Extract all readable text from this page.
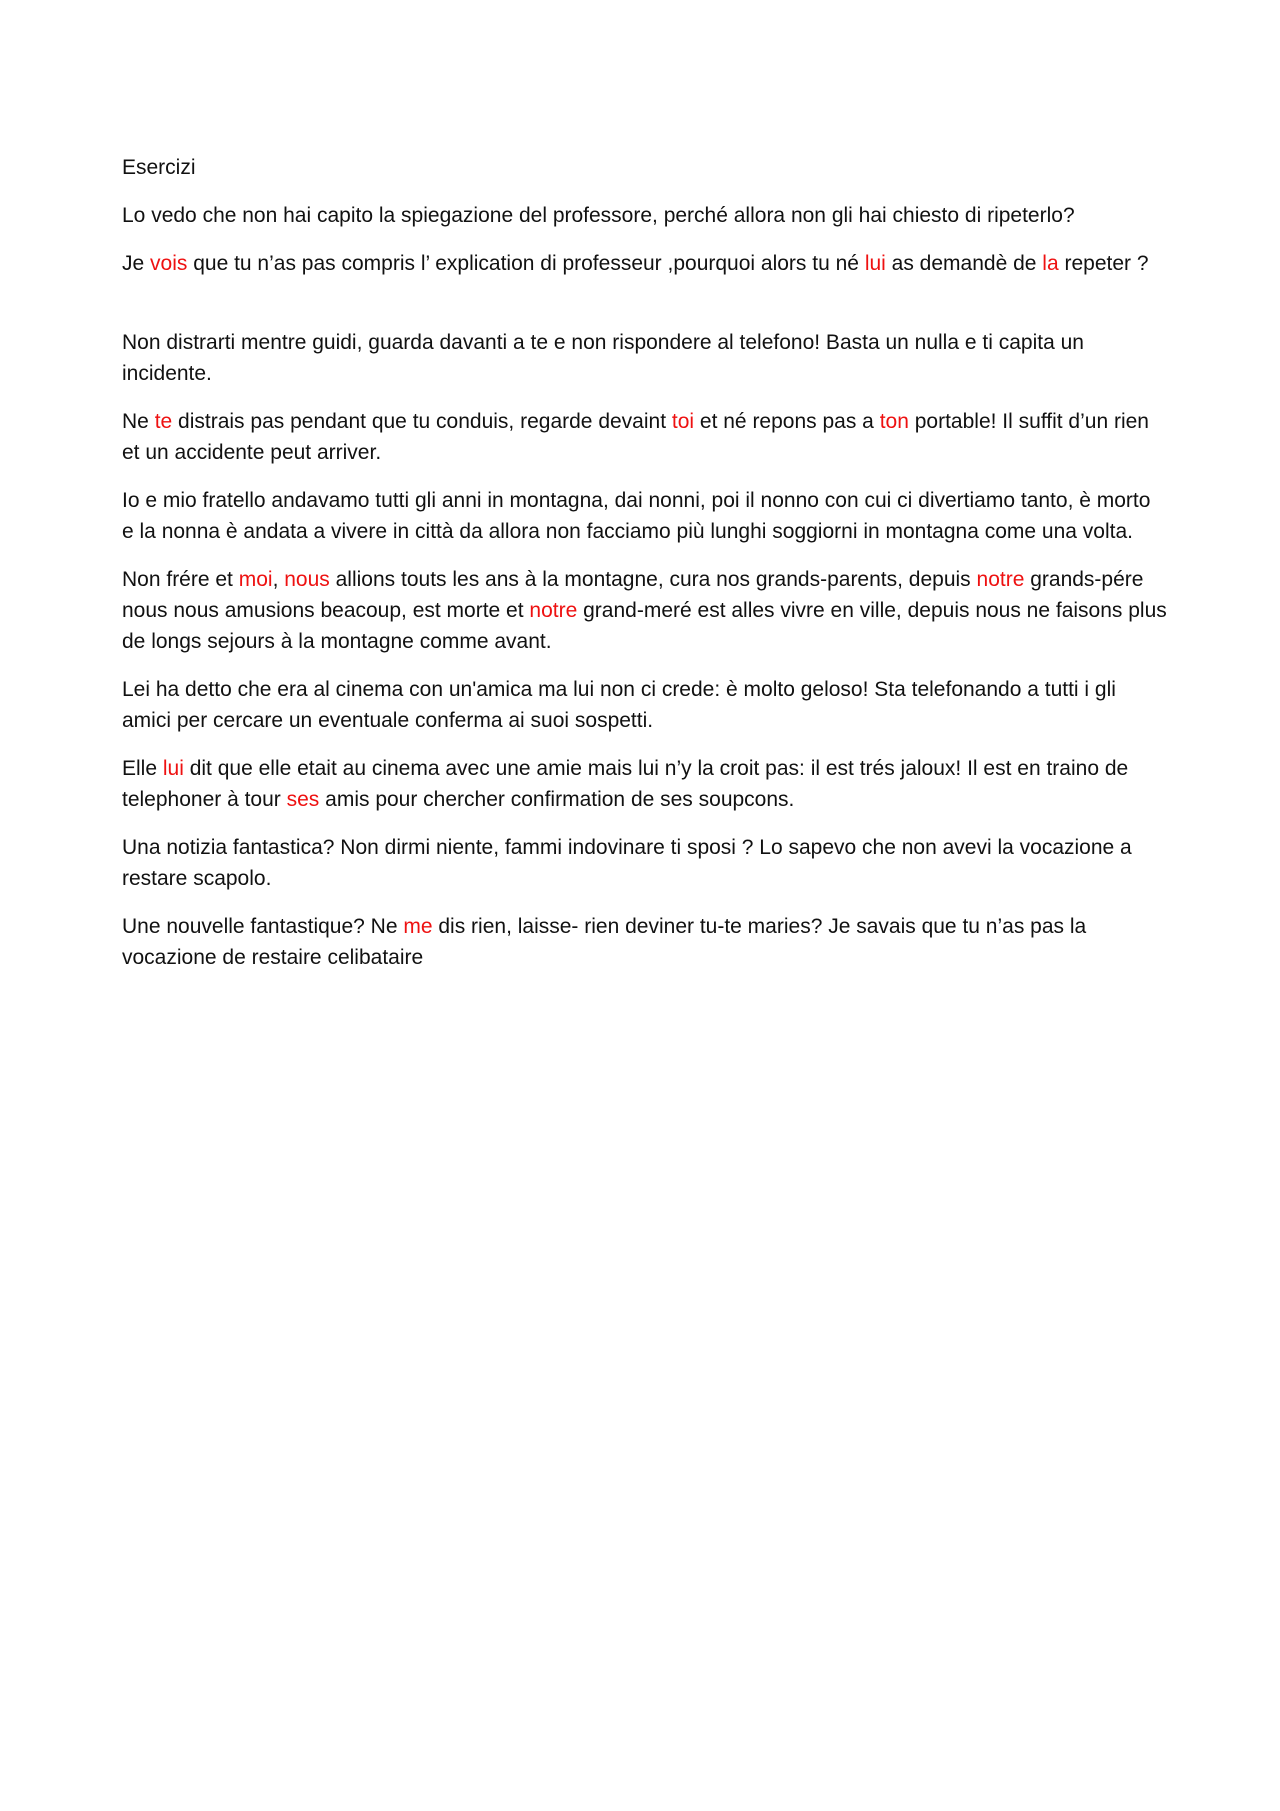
Esercizi

Lo vedo che non hai capito la spiegazione del professore, perché allora non gli hai chiesto di ripeterlo?

Je vois que tu n’as pas compris l’ explication di professeur ,pourquoi alors tu né lui as demandè de la repeter ?

Non distrarti mentre guidi, guarda davanti a te e non rispondere al telefono! Basta un nulla e ti capita un incidente.

Ne te distrais pas pendant que tu conduis, regarde devaint toi et né repons pas a ton portable! Il suffit d’un rien et un accidente peut arriver.

Io e mio fratello andavamo tutti gli anni in montagna, dai nonni, poi il nonno con cui ci divertiamo tanto, è morto e la nonna è andata a vivere in città da allora non facciamo più lunghi soggiorni in montagna come una volta.

Non frére et moi, nous allions touts les ans à la montagne, cura nos grands-parents, depuis notre grands-pére nous nous amusions beacoup, est morte et notre grand-meré est alles vivre en ville, depuis nous ne faisons plus de longs sejours à la montagne comme avant.

Lei ha detto che era al cinema con un'amica ma lui non ci crede: è molto geloso! Sta telefonando a tutti i gli amici per cercare un eventuale conferma ai suoi sospetti.

Elle lui dit que elle etait au cinema avec une amie mais lui n’y la croit pas: il est trés jaloux! Il est en traino de telephoner à tour ses amis pour chercher confirmation de ses soupcons.

Una notizia fantastica? Non dirmi niente, fammi indovinare ti sposi ? Lo sapevo che non avevi la vocazione a restare scapolo.

Une nouvelle fantastique? Ne me dis rien, laisse- rien deviner tu-te maries? Je savais que tu n’as pas la vocazione de restaire celibataire
